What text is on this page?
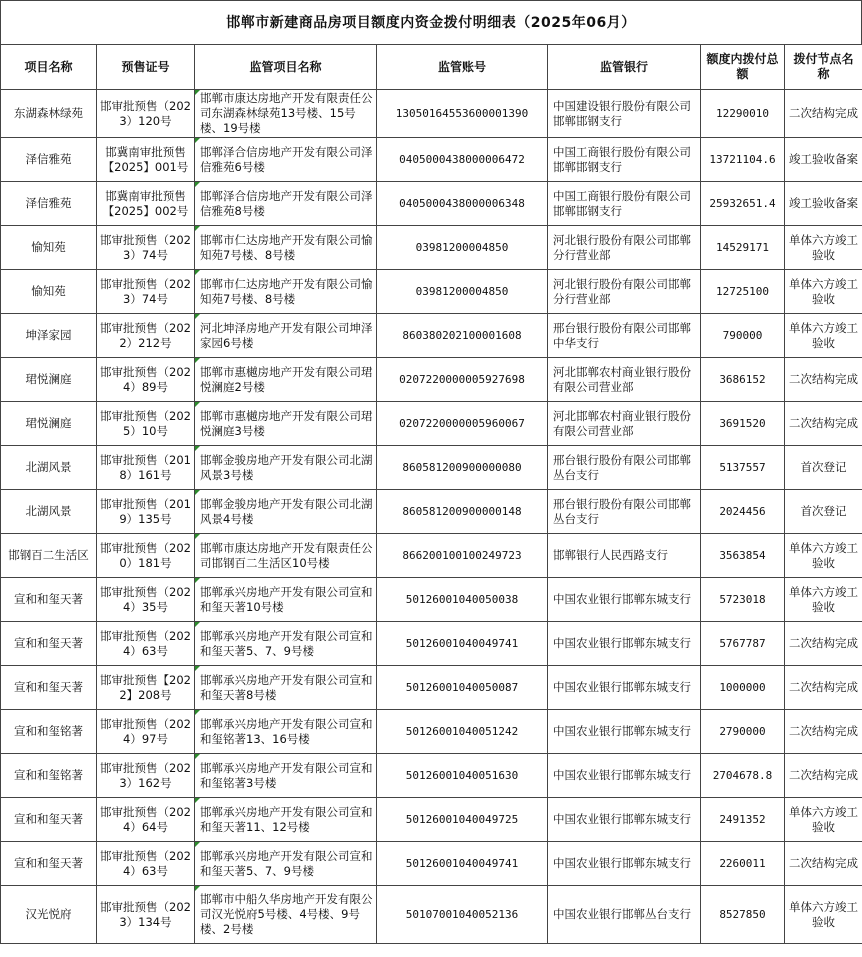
邯郸市新建商品房项目额度内资金拨付明细表（2025年06月）
项目名称	预售证号	监管项目名称	监管账号	监管银行	额度内拨付总额	拨付节点名称
东湖森林绿苑	邯审批预售（2023）120号	邯郸市康达房地产开发有限责任公司东湖森林绿苑13号楼、15号楼、19号楼	13050164553600001390	中国建设银行股份有限公司邯郸邯钢支行	12290010	二次结构完成
泽信雅苑	邯冀南审批预售【2025】001号	邯郸泽合信房地产开发有限公司泽信雅苑6号楼	0405000438000006472	中国工商银行股份有限公司邯郸邯钢支行	13721104.6	竣工验收备案
泽信雅苑	邯冀南审批预售【2025】002号	邯郸泽合信房地产开发有限公司泽信雅苑8号楼	0405000438000006348	中国工商银行股份有限公司邯郸邯钢支行	25932651.4	竣工验收备案
愉知苑	邯审批预售（2023）74号	邯郸市仁达房地产开发有限公司愉知苑7号楼、8号楼	03981200004850	河北银行股份有限公司邯郸分行营业部	14529171	单体六方竣工验收
愉知苑	邯审批预售（2023）74号	邯郸市仁达房地产开发有限公司愉知苑7号楼、8号楼	03981200004850	河北银行股份有限公司邯郸分行营业部	12725100	单体六方竣工验收
坤泽家园	邯审批预售（2022）212号	河北坤泽房地产开发有限公司坤泽家园6号楼	860380202100001608	邢台银行股份有限公司邯郸中华支行	790000	单体六方竣工验收
珺悦澜庭	邯审批预售（2024）89号	邯郸市惠樾房地产开发有限公司珺悦澜庭2号楼	0207220000005927698	河北邯郸农村商业银行股份有限公司营业部	3686152	二次结构完成
珺悦澜庭	邯审批预售（2025）10号	邯郸市惠樾房地产开发有限公司珺悦澜庭3号楼	0207220000005960067	河北邯郸农村商业银行股份有限公司营业部	3691520	二次结构完成
北湖风景	邯审批预售（2018）161号	邯郸金骏房地产开发有限公司北湖风景3号楼	860581200900000080	邢台银行股份有限公司邯郸丛台支行	5137557	首次登记
北湖风景	邯审批预售（2019）135号	邯郸金骏房地产开发有限公司北湖风景4号楼	860581200900000148	邢台银行股份有限公司邯郸丛台支行	2024456	首次登记
邯钢百二生活区	邯审批预售（2020）181号	邯郸市康达房地产开发有限责任公司邯钢百二生活区10号楼	866200100100249723	邯郸银行人民西路支行	3563854	单体六方竣工验收
宣和和玺天著	邯审批预售（2024）35号	邯郸承兴房地产开发有限公司宣和和玺天著10号楼	50126001040050038	中国农业银行邯郸东城支行	5723018	单体六方竣工验收
宣和和玺天著	邯审批预售（2024）63号	邯郸承兴房地产开发有限公司宣和和玺天著5、7、9号楼	50126001040049741	中国农业银行邯郸东城支行	5767787	二次结构完成
宣和和玺天著	邯审批预售【2022】208号	邯郸承兴房地产开发有限公司宣和和玺天著8号楼	50126001040050087	中国农业银行邯郸东城支行	1000000	二次结构完成
宣和和玺铭著	邯审批预售（2024）97号	邯郸承兴房地产开发有限公司宣和和玺铭著13、16号楼	50126001040051242	中国农业银行邯郸东城支行	2790000	二次结构完成
宣和和玺铭著	邯审批预售（2023）162号	邯郸承兴房地产开发有限公司宣和和玺铭著3号楼	50126001040051630	中国农业银行邯郸东城支行	2704678.8	二次结构完成
宣和和玺天著	邯审批预售（2024）64号	邯郸承兴房地产开发有限公司宣和和玺天著11、12号楼	50126001040049725	中国农业银行邯郸东城支行	2491352	单体六方竣工验收
宣和和玺天著	邯审批预售（2024）63号	邯郸承兴房地产开发有限公司宣和和玺天著5、7、9号楼	50126001040049741	中国农业银行邯郸东城支行	2260011	二次结构完成
汉光悦府	邯审批预售（2023）134号	邯郸市中船久华房地产开发有限公司汉光悦府5号楼、4号楼、9号楼、2号楼	50107001040052136	中国农业银行邯郸丛台支行	8527850	单体六方竣工验收
